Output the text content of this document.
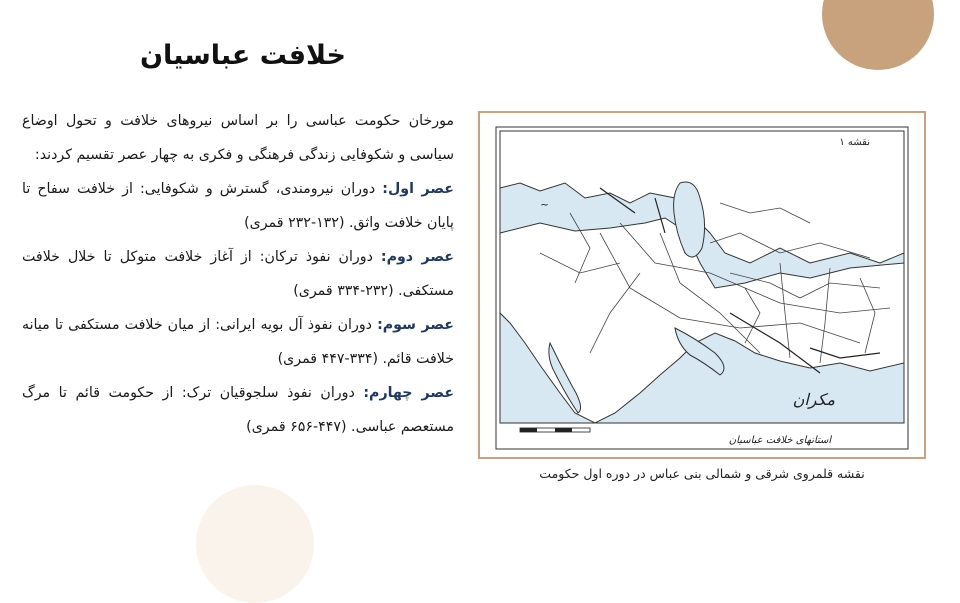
خلافت عباسیان

مورخان حکومت عباسی را بر اساس نیروهای خلافت و تحول اوضاع سیاسی و شکوفایی زندگی فرهنگی و فکری به چهار عصر تقسیم کردند:

عصر اول: دوران نیرومندی، گسترش و شکوفایی: از خلافت سفاح تا پایان خلافت واثق. (۱۳۲-۲۳۲ قمری)

عصر دوم: دوران نفوذ ترکان: از آغاز خلافت متوکل تا خلال خلافت مستکفی. (۲۳۲-۳۳۴ قمری)

عصر سوم: دوران نفوذ آل بویه ایرانی: از میان خلافت مستکفی تا میانه خلافت قائم. (۳۳۴-۴۴۷ قمری)

عصر چهارم: دوران نفوذ سلجوقیان ترک: از حکومت قائم تا مرگ مستعصم عباسی. (۴۴۷-۶۵۶ قمری)

~
نقشه ۱
مکران
استانهای خلافت عباسیان
نقشه قلمروی شرقی و شمالی بنی عباس در دوره اول حکومت
